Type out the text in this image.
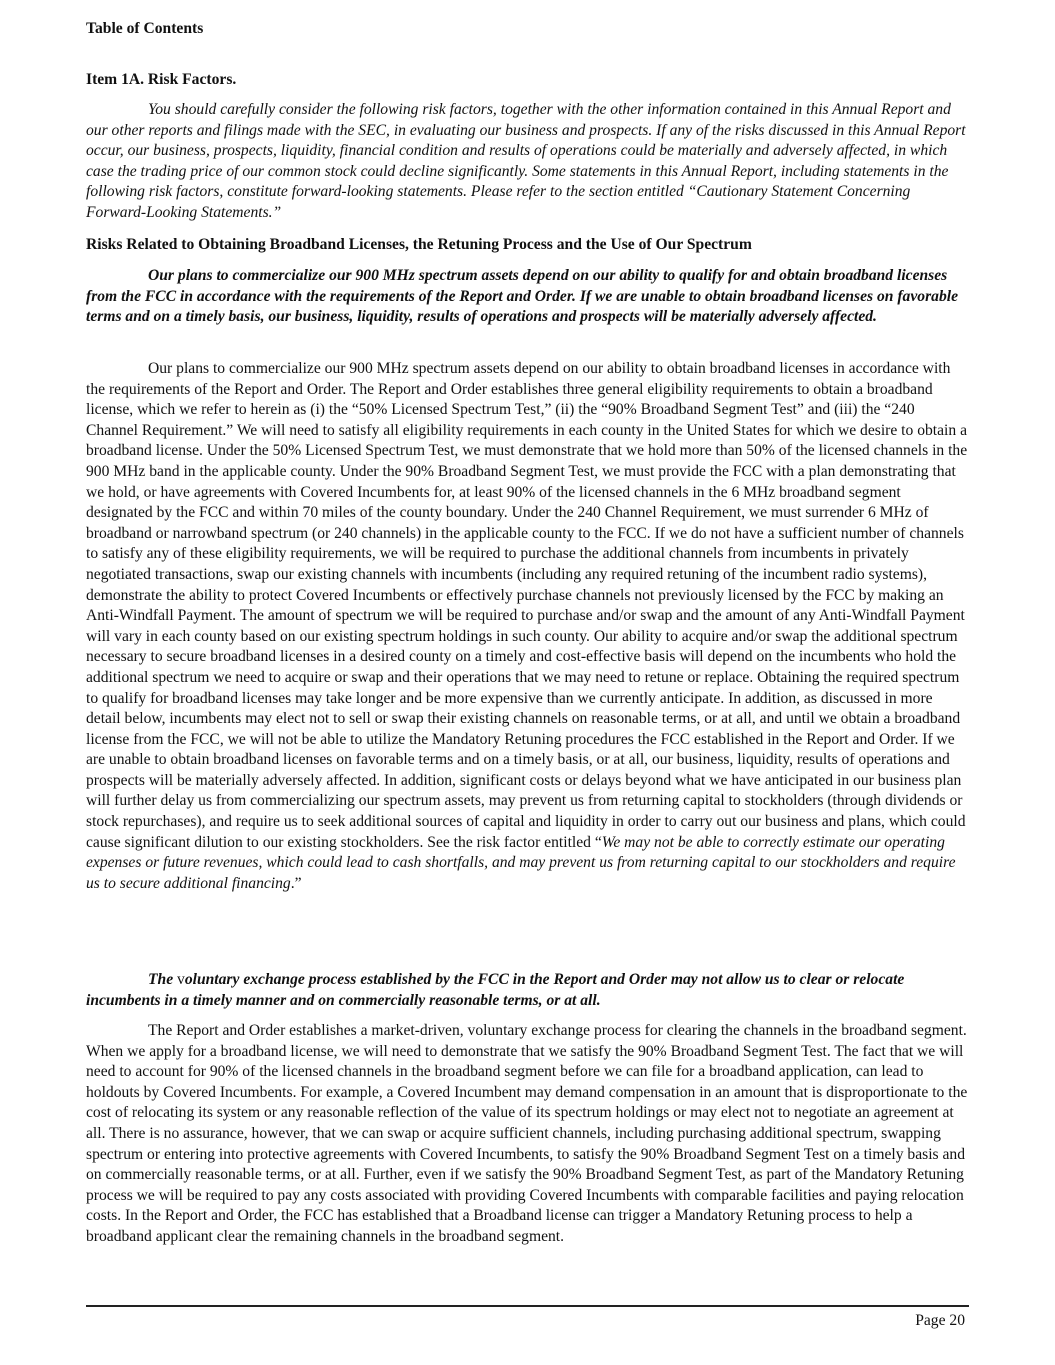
Table of Contents
Item 1A. Risk Factors.

You should carefully consider the following risk factors, together with the other information contained in this Annual Report and our other reports and filings made with the SEC, in evaluating our business and prospects. If any of the risks discussed in this Annual Report occur, our business, prospects, liquidity, financial condition and results of operations could be materially and adversely affected, in which case the trading price of our common stock could decline significantly. Some statements in this Annual Report, including statements in the following risk factors, constitute forward-looking statements. Please refer to the section entitled “Cautionary Statement Concerning Forward-Looking Statements.”

Risks Related to Obtaining Broadband Licenses, the Retuning Process and the Use of Our Spectrum

Our plans to commercialize our 900 MHz spectrum assets depend on our ability to qualify for and obtain broadband licenses from the FCC in accordance with the requirements of the Report and Order. If we are unable to obtain broadband licenses on favorable terms and on a timely basis, our business, liquidity, results of operations and prospects will be materially adversely affected.

Our plans to commercialize our 900 MHz spectrum assets depend on our ability to obtain broadband licenses in accordance with the requirements of the Report and Order. The Report and Order establishes three general eligibility requirements to obtain a broadband license, which we refer to herein as (i) the “50% Licensed Spectrum Test,” (ii) the “90% Broadband Segment Test” and (iii) the “240 Channel Requirement.” We will need to satisfy all eligibility requirements in each county in the United States for which we desire to obtain a broadband license. Under the 50% Licensed Spectrum Test, we must demonstrate that we hold more than 50% of the licensed channels in the 900 MHz band in the applicable county. Under the 90% Broadband Segment Test, we must provide the FCC with a plan demonstrating that we hold, or have agreements with Covered Incumbents for, at least 90% of the licensed channels in the 6 MHz broadband segment designated by the FCC and within 70 miles of the county boundary. Under the 240 Channel Requirement, we must surrender 6 MHz of broadband or narrowband spectrum (or 240 channels) in the applicable county to the FCC. If we do not have a sufficient number of channels to satisfy any of these eligibility requirements, we will be required to purchase the additional channels from incumbents in privately negotiated transactions, swap our existing channels with incumbents (including any required retuning of the incumbent radio systems), demonstrate the ability to protect Covered Incumbents or effectively purchase channels not previously licensed by the FCC by making an Anti-Windfall Payment. The amount of spectrum we will be required to purchase and/or swap and the amount of any Anti-Windfall Payment will vary in each county based on our existing spectrum holdings in such county. Our ability to acquire and/or swap the additional spectrum necessary to secure broadband licenses in a desired county on a timely and cost-effective basis will depend on the incumbents who hold the additional spectrum we need to acquire or swap and their operations that we may need to retune or replace. Obtaining the required spectrum to qualify for broadband licenses may take longer and be more expensive than we currently anticipate. In addition, as discussed in more detail below, incumbents may elect not to sell or swap their existing channels on reasonable terms, or at all, and until we obtain a broadband license from the FCC, we will not be able to utilize the Mandatory Retuning procedures the FCC established in the Report and Order. If we are unable to obtain broadband licenses on favorable terms and on a timely basis, or at all, our business, liquidity, results of operations and prospects will be materially adversely affected. In addition, significant costs or delays beyond what we have anticipated in our business plan will further delay us from commercializing our spectrum assets, may prevent us from returning capital to stockholders (through dividends or stock repurchases), and require us to seek additional sources of capital and liquidity in order to carry out our business and plans, which could cause significant dilution to our existing stockholders. See the risk factor entitled “We may not be able to correctly estimate our operating expenses or future revenues, which could lead to cash shortfalls, and may prevent us from returning capital to our stockholders and require us to secure additional financing.”

The voluntary exchange process established by the FCC in the Report and Order may not allow us to clear or relocate incumbents in a timely manner and on commercially reasonable terms, or at all.

The Report and Order establishes a market-driven, voluntary exchange process for clearing the channels in the broadband segment. When we apply for a broadband license, we will need to demonstrate that we satisfy the 90% Broadband Segment Test. The fact that we will need to account for 90% of the licensed channels in the broadband segment before we can file for a broadband application, can lead to holdouts by Covered Incumbents. For example, a Covered Incumbent may demand compensation in an amount that is disproportionate to the cost of relocating its system or any reasonable reflection of the value of its spectrum holdings or may elect not to negotiate an agreement at all. There is no assurance, however, that we can swap or acquire sufficient channels, including purchasing additional spectrum, swapping spectrum or entering into protective agreements with Covered Incumbents, to satisfy the 90% Broadband Segment Test on a timely basis and on commercially reasonable terms, or at all. Further, even if we satisfy the 90% Broadband Segment Test, as part of the Mandatory Retuning process we will be required to pay any costs associated with providing Covered Incumbents with comparable facilities and paying relocation costs. In the Report and Order, the FCC has established that a Broadband license can trigger a Mandatory Retuning process to help a broadband applicant clear the remaining channels in the broadband segment.

Page 20
